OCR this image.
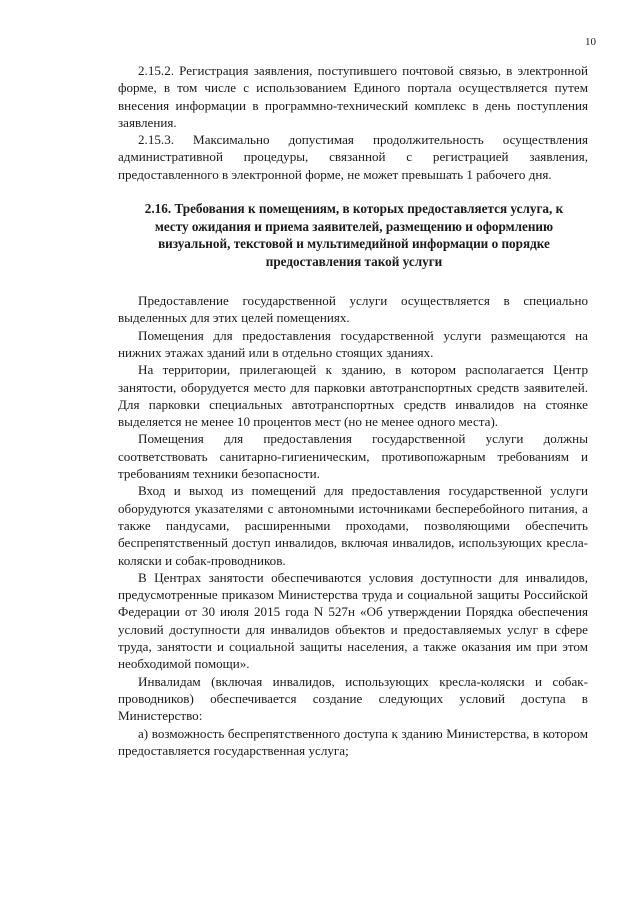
10

2.15.2. Регистрация заявления, поступившего почтовой связью, в электронной форме, в том числе с использованием Единого портала осуществляется путем внесения информации в программно-технический комплекс в день поступления заявления.

2.15.3. Максимально допустимая продолжительность осуществления административной процедуры, связанной с регистрацией заявления, предоставленного в электронной форме, не может превышать 1 рабочего дня.

2.16. Требования к помещениям, в которых предоставляется услуга, к месту ожидания и приема заявителей, размещению и оформлению визуальной, текстовой и мультимедийной информации о порядке предоставления такой услуги

Предоставление государственной услуги осуществляется в специально выделенных для этих целей помещениях.

Помещения для предоставления государственной услуги размещаются на нижних этажах зданий или в отдельно стоящих зданиях.

На территории, прилегающей к зданию, в котором располагается Центр занятости, оборудуется место для парковки автотранспортных средств заявителей. Для парковки специальных автотранспортных средств инвалидов на стоянке выделяется не менее 10 процентов мест (но не менее одного места).

Помещения для предоставления государственной услуги должны соответствовать санитарно-гигиеническим, противопожарным требованиям и требованиям техники безопасности.

Вход и выход из помещений для предоставления государственной услуги оборудуются указателями с автономными источниками бесперебойного питания, а также пандусами, расширенными проходами, позволяющими обеспечить беспрепятственный доступ инвалидов, включая инвалидов, использующих кресла-коляски и собак-проводников.

В Центрах занятости обеспечиваются условия доступности для инвалидов, предусмотренные приказом Министерства труда и социальной защиты Российской Федерации от 30 июля 2015 года N 527н «Об утверждении Порядка обеспечения условий доступности для инвалидов объектов и предоставляемых услуг в сфере труда, занятости и социальной защиты населения, а также оказания им при этом необходимой помощи».

Инвалидам (включая инвалидов, использующих кресла-коляски и собак-проводников) обеспечивается создание следующих условий доступа в Министерство:

а) возможность беспрепятственного доступа к зданию Министерства, в котором предоставляется государственная услуга;
